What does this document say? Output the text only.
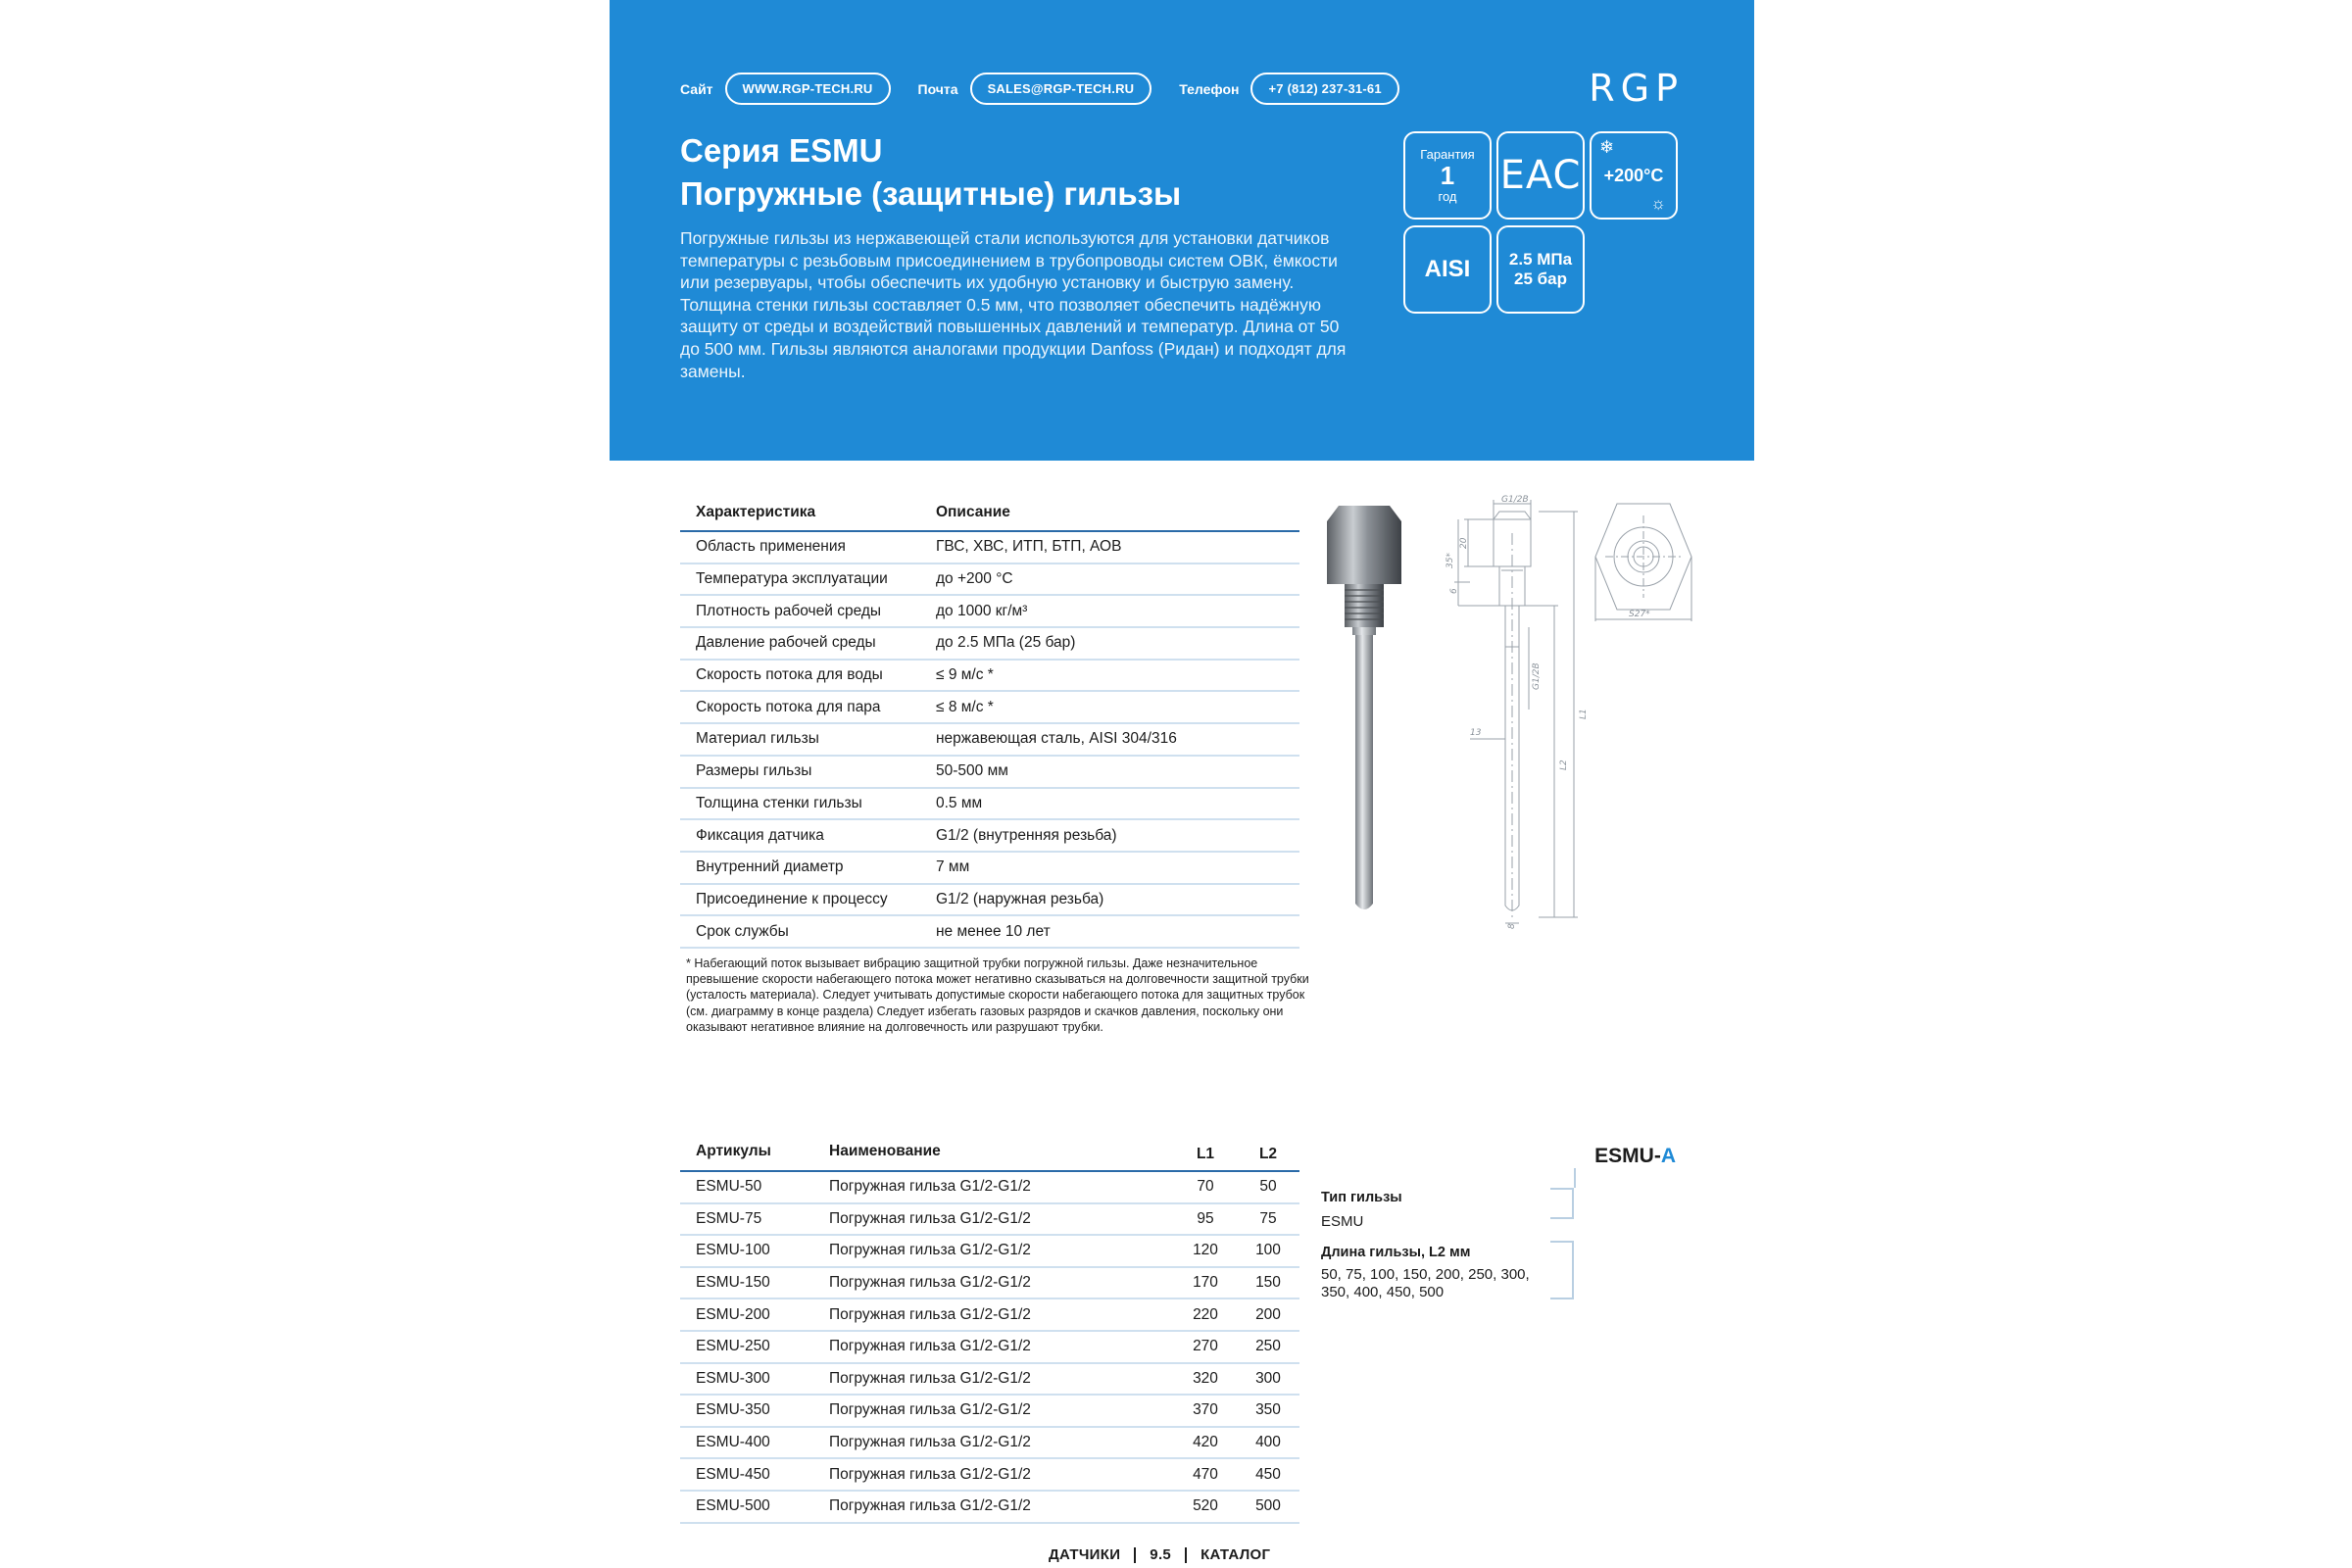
Сайт	WWW.RGP-TECH.RU	Почта	SALES@RGP-TECH.RU	Телефон	+7 (812) 237-31-61	RGP
Серия ESMU
Погружные (защитные) гильзы

Погружные гильзы из нержавеющей стали используются для установки датчиков температуры с резьбовым присоединением в трубопроводы систем ОВК, ёмкости или резервуары, чтобы обеспечить их удобную установку и быструю замену. Толщина стенки гильзы составляет 0.5 мм, что позволяет обеспечить надёжную защиту от среды и воздействий повышенных давлений и температур. Длина от 50 до 500 мм. Гильзы являются аналогами продукции Danfoss (Ридан) и подходят для замены.

Гарантия
1
год EAC
❄
+200°C
☼
AISI 2.5 МПа
25 бар
Характеристика	Описание
Область применения	ГВС, ХВС, ИТП, БТП, АОВ
Температура эксплуатации	до +200 °С
Плотность рабочей среды	до 1000 кг/м³
Давление рабочей среды	до 2.5 МПа (25 бар)
Скорость потока для воды	≤ 9 м/с *
Скорость потока для пара	≤ 8 м/с *
Материал гильзы	нержавеющая сталь, AISI 304/316
Размеры гильзы	50-500 мм
Толщина стенки гильзы	0.5 мм
Фиксация датчика	G1/2 (внутренняя резьба)
Внутренний диаметр	7 мм
Присоединение к процессу	G1/2 (наружная резьба)
Срок службы	не менее 10 лет

* Набегающий поток вызывает вибрацию защитной трубки погружной гильзы. Даже незначительное превышение скорости набегающего потока может негативно сказываться на долговечности защитной трубки (усталость материала). Следует учитывать допустимые скорости набегающего потока для защитных трубок (см. диаграмму в конце раздела) Следует избегать газовых разрядов и скачков давления, поскольку они оказывают негативное влияние на долговечность или разрушают трубки.

G1/2B
20
35*
6
G1/2B
L1
L2
13
8
S27*
Артикулы	Наименование	L1	L2
ESMU-50	Погружная гильза G1/2-G1/2	70	50
ESMU-75	Погружная гильза G1/2-G1/2	95	75
ESMU-100	Погружная гильза G1/2-G1/2	120	100
ESMU-150	Погружная гильза G1/2-G1/2	170	150
ESMU-200	Погружная гильза G1/2-G1/2	220	200
ESMU-250	Погружная гильза G1/2-G1/2	270	250
ESMU-300	Погружная гильза G1/2-G1/2	320	300
ESMU-350	Погружная гильза G1/2-G1/2	370	350
ESMU-400	Погружная гильза G1/2-G1/2	420	400
ESMU-450	Погружная гильза G1/2-G1/2	470	450
ESMU-500	Погружная гильза G1/2-G1/2	520	500
ESMU-A
Тип гильзы
ESMU
Длина гильзы, L2 мм
50, 75, 100, 150, 200, 250, 300, 350, 400, 450, 500
ДАТЧИКИ 9.5 КАТАЛОГ
